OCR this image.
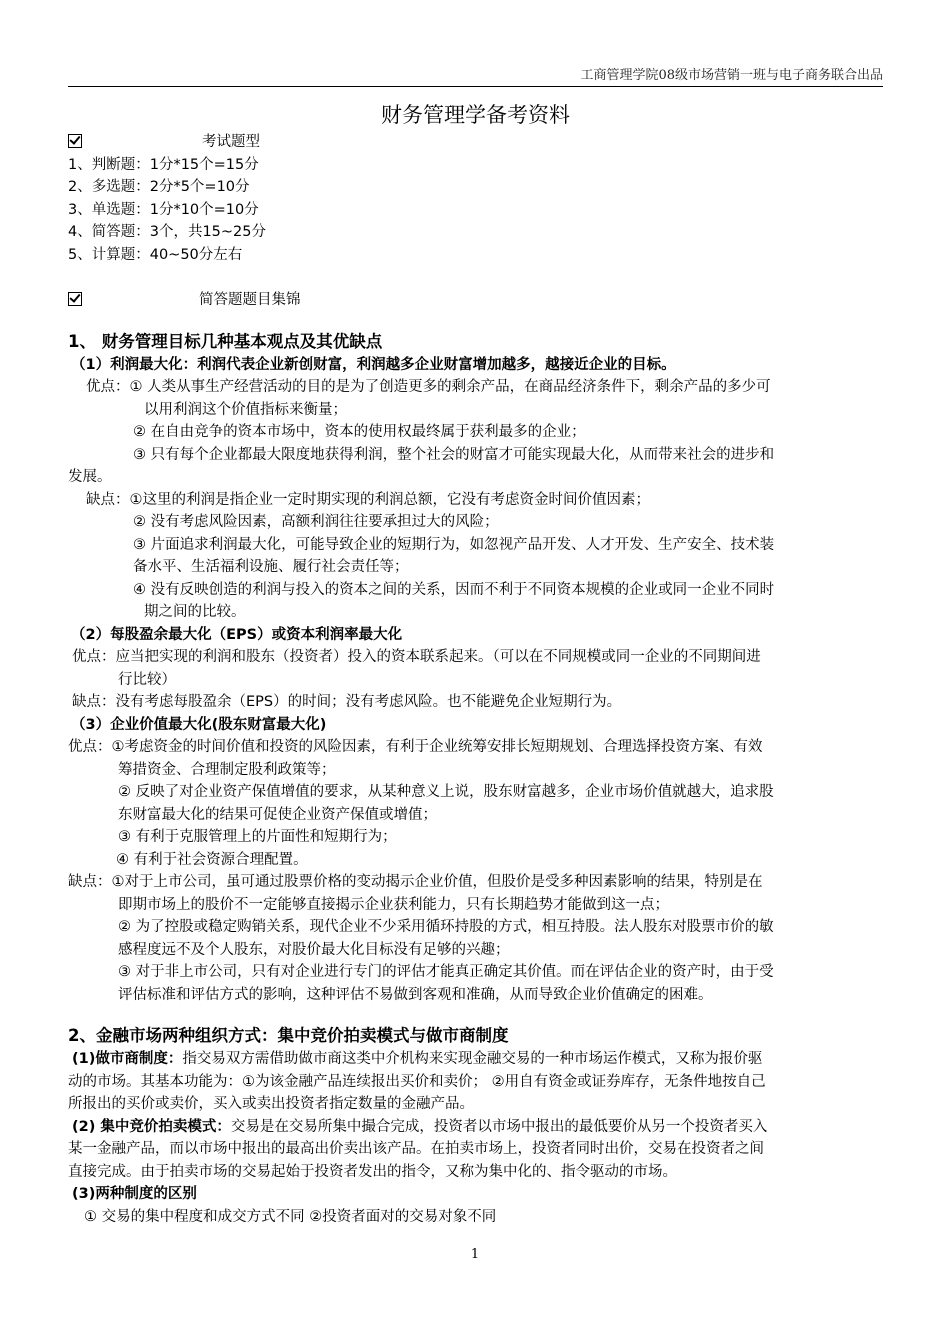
工商管理学院08级市场营销一班与电子商务联合出品
财务管理学备考资料
考试题型
1、判断题：1分*15个=15分
2、多选题：2分*5个=10分
3、单选题：1分*10个=10分
4、简答题：3个，共15~25分
5、计算题：40~50分左右
简答题题目集锦
1、 财务管理目标几种基本观点及其优缺点
（1）利润最大化：利润代表企业新创财富，利润越多企业财富增加越多，越接近企业的目标。
优点：① 人类从事生产经营活动的目的是为了创造更多的剩余产品，在商品经济条件下，剩余产品的多少可
以用利润这个价值指标来衡量；
② 在自由竞争的资本市场中，资本的使用权最终属于获利最多的企业；
③ 只有每个企业都最大限度地获得利润，整个社会的财富才可能实现最大化，从而带来社会的进步和
发展。
缺点：①这里的利润是指企业一定时期实现的利润总额，它没有考虑资金时间价值因素；
② 没有考虑风险因素，高额利润往往要承担过大的风险；
③ 片面追求利润最大化，可能导致企业的短期行为，如忽视产品开发、人才开发、生产安全、技术装
备水平、生活福利设施、履行社会责任等；
④ 没有反映创造的利润与投入的资本之间的关系，因而不利于不同资本规模的企业或同一企业不同时
期之间的比较。
（2）每股盈余最大化（EPS）或资本利润率最大化
优点：应当把实现的利润和股东（投资者）投入的资本联系起来。（可以在不同规模或同一企业的不同期间进
行比较）
缺点：没有考虑每股盈余（EPS）的时间；没有考虑风险。也不能避免企业短期行为。
（3）企业价值最大化(股东财富最大化)
优点：①考虑资金的时间价值和投资的风险因素，有利于企业统筹安排长短期规划、合理选择投资方案、有效
筹措资金、合理制定股利政策等；
② 反映了对企业资产保值增值的要求，从某种意义上说，股东财富越多，企业市场价值就越大，追求股
东财富最大化的结果可促使企业资产保值或增值；
③ 有利于克服管理上的片面性和短期行为；
④ 有利于社会资源合理配置。
缺点：①对于上市公司，虽可通过股票价格的变动揭示企业价值，但股价是受多种因素影响的结果，特别是在
即期市场上的股价不一定能够直接揭示企业获利能力，只有长期趋势才能做到这一点；
② 为了控股或稳定购销关系，现代企业不少采用循环持股的方式，相互持股。法人股东对股票市价的敏
感程度远不及个人股东，对股价最大化目标没有足够的兴趣；
③ 对于非上市公司，只有对企业进行专门的评估才能真正确定其价值。而在评估企业的资产时，由于受
评估标准和评估方式的影响，这种评估不易做到客观和准确，从而导致企业价值确定的困难。
2、金融市场两种组织方式：集中竞价拍卖模式与做市商制度
(1)做市商制度：指交易双方需借助做市商这类中介机构来实现金融交易的一种市场运作模式，又称为报价驱
动的市场。其基本功能为：①为该金融产品连续报出买价和卖价； ②用自有资金或证券库存，无条件地按自己
所报出的买价或卖价，买入或卖出投资者指定数量的金融产品。
(2) 集中竞价拍卖模式：交易是在交易所集中撮合完成，投资者以市场中报出的最低要价从另一个投资者买入
某一金融产品，而以市场中报出的最高出价卖出该产品。在拍卖市场上，投资者同时出价，交易在投资者之间
直接完成。由于拍卖市场的交易起始于投资者发出的指令，又称为集中化的、指令驱动的市场。
(3)两种制度的区别
① 交易的集中程度和成交方式不同 ②投资者面对的交易对象不同
1
